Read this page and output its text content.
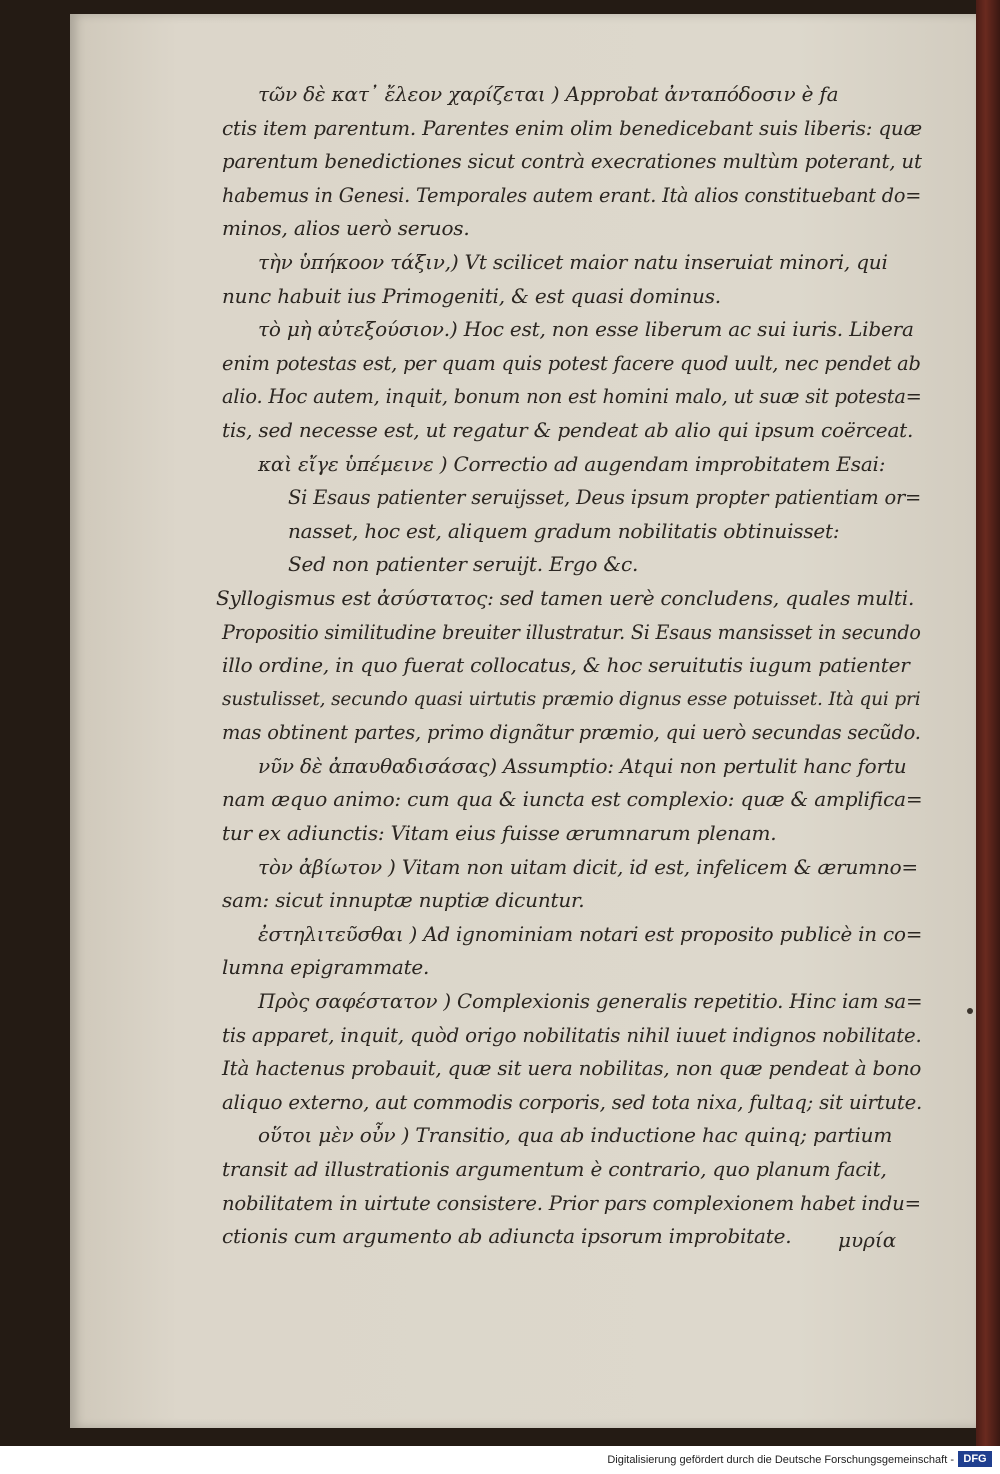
τῶν δὲ κατ᾿ ἔλεον χαρίζεται ) Approbat ἀνταπόδοσιν è fa
ctis item parentum. Parentes enim olim benedicebant suis liberis: quæ
parentum benedictiones sicut contrà execrationes multùm poterant, ut
habemus in Genesi. Temporales autem erant. Ità alios constituebant do=
minos, alios uerò seruos.
τὴν ὑπήκοον τάξιν,) Vt scilicet maior natu inseruiat minori, qui
nunc habuit ius Primogeniti, & est quasi dominus.
τὸ μὴ αὐτεξούσιον.) Hoc est, non esse liberum ac sui iuris. Libera
enim potestas est, per quam quis potest facere quod uult, nec pendet ab
alio. Hoc autem, inquit, bonum non est homini malo, ut suæ sit potesta=
tis, sed necesse est, ut regatur & pendeat ab alio qui ipsum coërceat.
καὶ εἴγε ὑπέμεινε ) Correctio ad augendam improbitatem Esai:
Si Esaus patienter seruijsset, Deus ipsum propter patientiam or=
nasset, hoc est, aliquem gradum nobilitatis obtinuisset:
Sed non patienter seruijt. Ergo &c.
Syllogismus est ἀσύστατος: sed tamen uerè concludens, quales multi.
Propositio similitudine breuiter illustratur. Si Esaus mansisset in secundo
illo ordine, in quo fuerat collocatus, & hoc seruitutis iugum patienter
sustulisset, secundo quasi uirtutis præmio dignus esse potuisset. Ità qui pri
mas obtinent partes, primo dignãtur præmio, qui uerò secundas secũdo.
νῦν δὲ ἀπαυθαδισάσας) Assumptio: Atqui non pertulit hanc fortu
nam æquo animo: cum qua & iuncta est complexio: quæ & amplifica=
tur ex adiunctis: Vitam eius fuisse ærumnarum plenam.
τὸν ἀβίωτον ) Vitam non uitam dicit, id est, infelicem & ærumno=
sam: sicut innuptæ nuptiæ dicuntur.
ἐστηλιτεῦσθαι ) Ad ignominiam notari est proposito publicè in co=
lumna epigrammate.
Πρὸς σαφέστατον ) Complexionis generalis repetitio. Hinc iam sa=
tis apparet, inquit, quòd origo nobilitatis nihil iuuet indignos nobilitate.
Ità hactenus probauit, quæ sit uera nobilitas, non quæ pendeat à bono
aliquo externo, aut commodis corporis, sed tota nixa, fultaq; sit uirtute.
οὕτοι μὲν οὖν ) Transitio, qua ab inductione hac quinq; partium
transit ad illustrationis argumentum è contrario, quo planum facit,
nobilitatem in uirtute consistere. Prior pars complexionem habet indu=
ctionis cum argumento ab adiuncta ipsorum improbitate.	μυρία
Digitalisierung gefördert durch die Deutsche Forschungsgemeinschaft - DFG
